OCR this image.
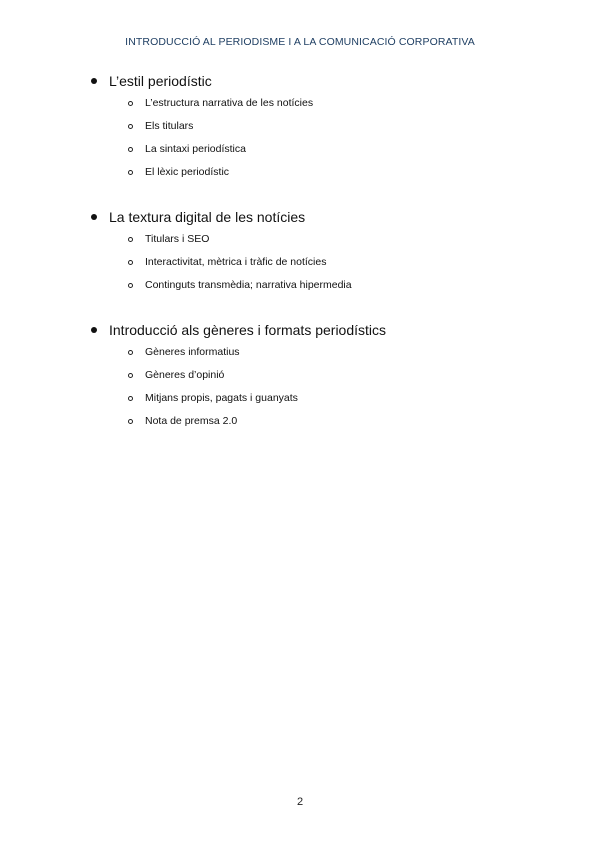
INTRODUCCIÓ AL PERIODISME I A LA COMUNICACIÓ CORPORATIVA
L’estil periodístic
L’estructura narrativa de les notícies
Els titulars
La sintaxi periodística
El lèxic periodístic
La textura digital de les notícies
Titulars i SEO
Interactivitat, mètrica i tràfic de notícies
Continguts transmèdia; narrativa hipermedia
Introducció als gèneres i formats periodístics
Gèneres informatius
Gèneres d’opinió
Mitjans propis, pagats i guanyats
Nota de premsa 2.0
2
